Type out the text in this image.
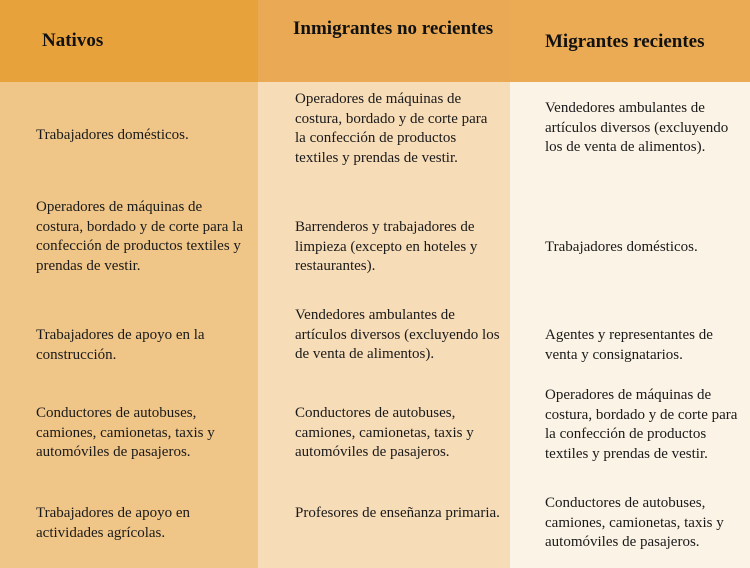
Nativos
Inmigrantes no recientes
Migrantes recientes
Trabajadores domésticos.
Operadores de máquinas de costura, bordado y de corte para la confección de productos textiles y prendas de vestir.
Trabajadores de apoyo en la construcción.
Conductores de autobuses, camiones, camionetas, taxis y automóviles de pasajeros.
Trabajadores de apoyo en actividades agrícolas.
Operadores de máquinas de costura, bordado y de corte para la confección de productos textiles y prendas de vestir.
Barrenderos y trabajadores de limpieza (excepto en hoteles y restaurantes).
Vendedores ambulantes de artículos diversos (excluyendo los de venta de alimentos).
Conductores de autobuses, camiones, camionetas, taxis y automóviles de pasajeros.
Profesores de enseñanza primaria.
Vendedores ambulantes de artículos diversos (excluyendo los de venta de alimentos).
Trabajadores domésticos.
Agentes y representantes de venta y consignatarios.
Operadores de máquinas de costura, bordado y de corte para la confección de productos textiles y prendas de vestir.
Conductores de autobuses, camiones, camionetas, taxis y automóviles de pasajeros.
